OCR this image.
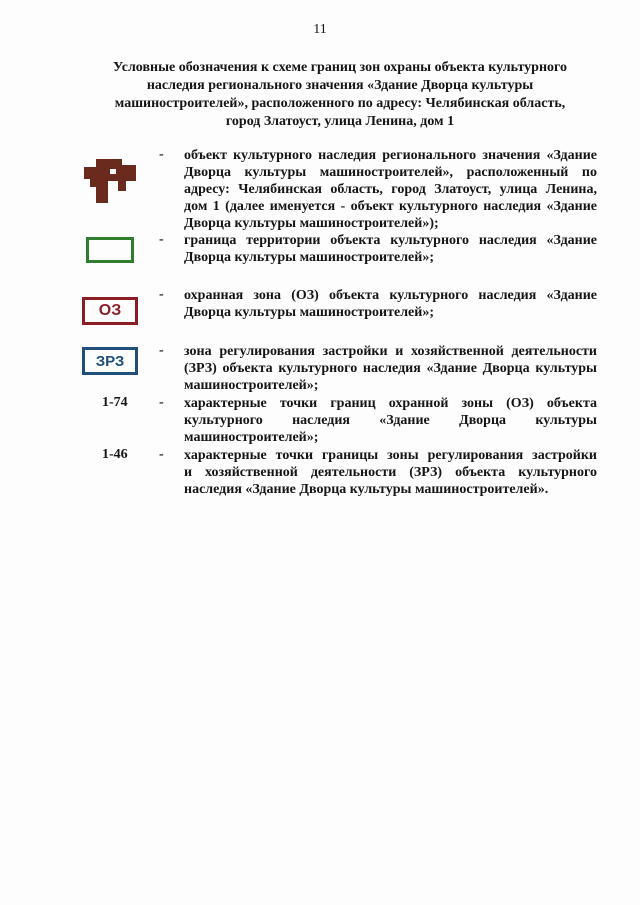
11
Условные обозначения к схеме границ зон охраны объекта культурного
наследия регионального значения «Здание Дворца культуры
машиностроителей», расположенного по адресу: Челябинская область,
город Златоуст, улица Ленина, дом 1
- объект культурного наследия регионального значения «Здание
Дворца культуры машиностроителей», расположенный по
адресу: Челябинская область, город Златоуст, улица Ленина,
дом 1 (далее именуется - объект культурного наследия «Здание
Дворца культуры машиностроителей»);
- граница территории объекта культурного наследия «Здание
Дворца культуры машиностроителей»;
ОЗ
- охранная зона (ОЗ) объекта культурного наследия «Здание
Дворца культуры машиностроителей»;
ЗРЗ
- зона регулирования застройки и хозяйственной деятельности
(ЗРЗ) объекта культурного наследия «Здание Дворца культуры
машиностроителей»;
1-74	- характерные точки границ охранной зоны (ОЗ) объекта
культурного наследия «Здание Дворца культуры
машиностроителей»;
1-46	- характерные точки границы зоны регулирования застройки
и хозяйственной деятельности (ЗРЗ) объекта культурного
наследия «Здание Дворца культуры машиностроителей».
